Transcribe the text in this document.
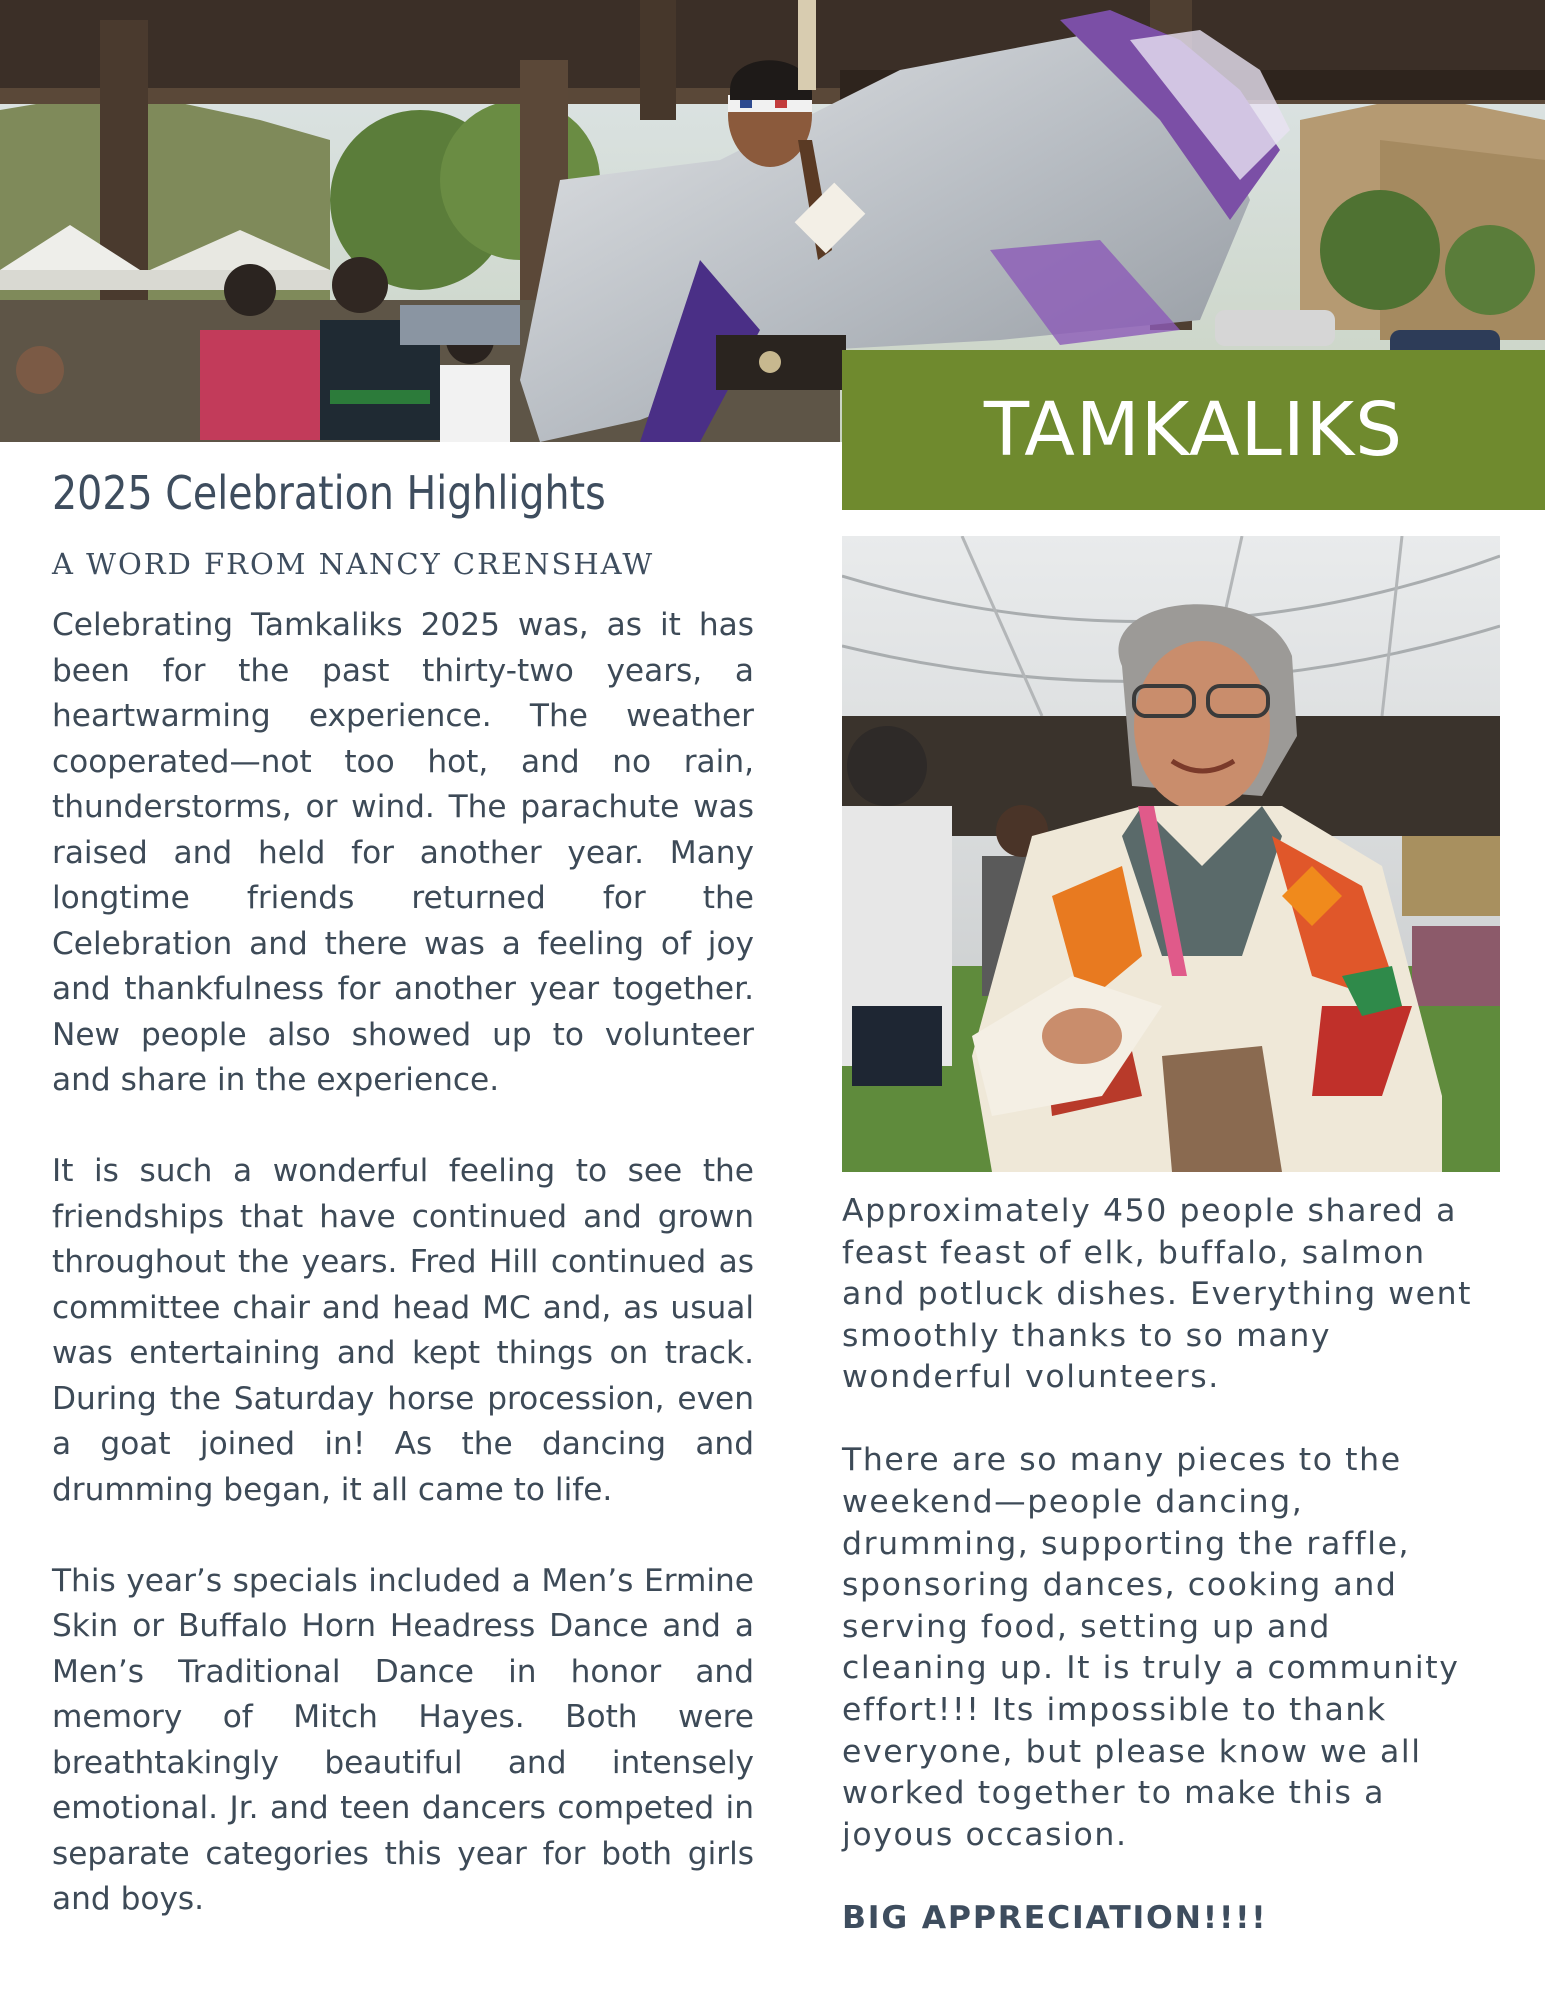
TAMKALIKS
2025 Celebration Highlights
A WORD FROM NANCY CRENSHAW

Celebrating Tamkaliks 2025 was, as it has been for the past thirty-two years, a heartwarming experience. The weather cooperated—not too hot, and no rain, thunderstorms, or wind. The parachute was raised and held for another year. Many longtime friends returned for the Celebration and there was a feeling of joy and thankfulness for another year together. New people also showed up to volunteer and share in the experience.

It is such a wonderful feeling to see the friendships that have continued and grown throughout the years. Fred Hill continued as committee chair and head MC and, as usual was entertaining and kept things on track. During the Saturday horse procession, even a goat joined in! As the dancing and drumming began, it all came to life.

This year’s specials included a Men’s Ermine Skin or Buffalo Horn Headress Dance and a Men’s Traditional Dance in honor and memory of Mitch Hayes. Both were breathtakingly beautiful and intensely emotional. Jr. and teen dancers competed in separate categories this year for both girls and boys.

Approximately 450 people shared a
feast feast of elk, buffalo, salmon
and potluck dishes. Everything went
smoothly thanks to so many
wonderful volunteers.

There are so many pieces to the
weekend—people dancing,
drumming, supporting the raffle,
sponsoring dances, cooking and
serving food, setting up and
cleaning up. It is truly a community
effort!!! Its impossible to thank
everyone, but please know we all
worked together to make this a
joyous occasion.

BIG APPRECIATION!!!!
